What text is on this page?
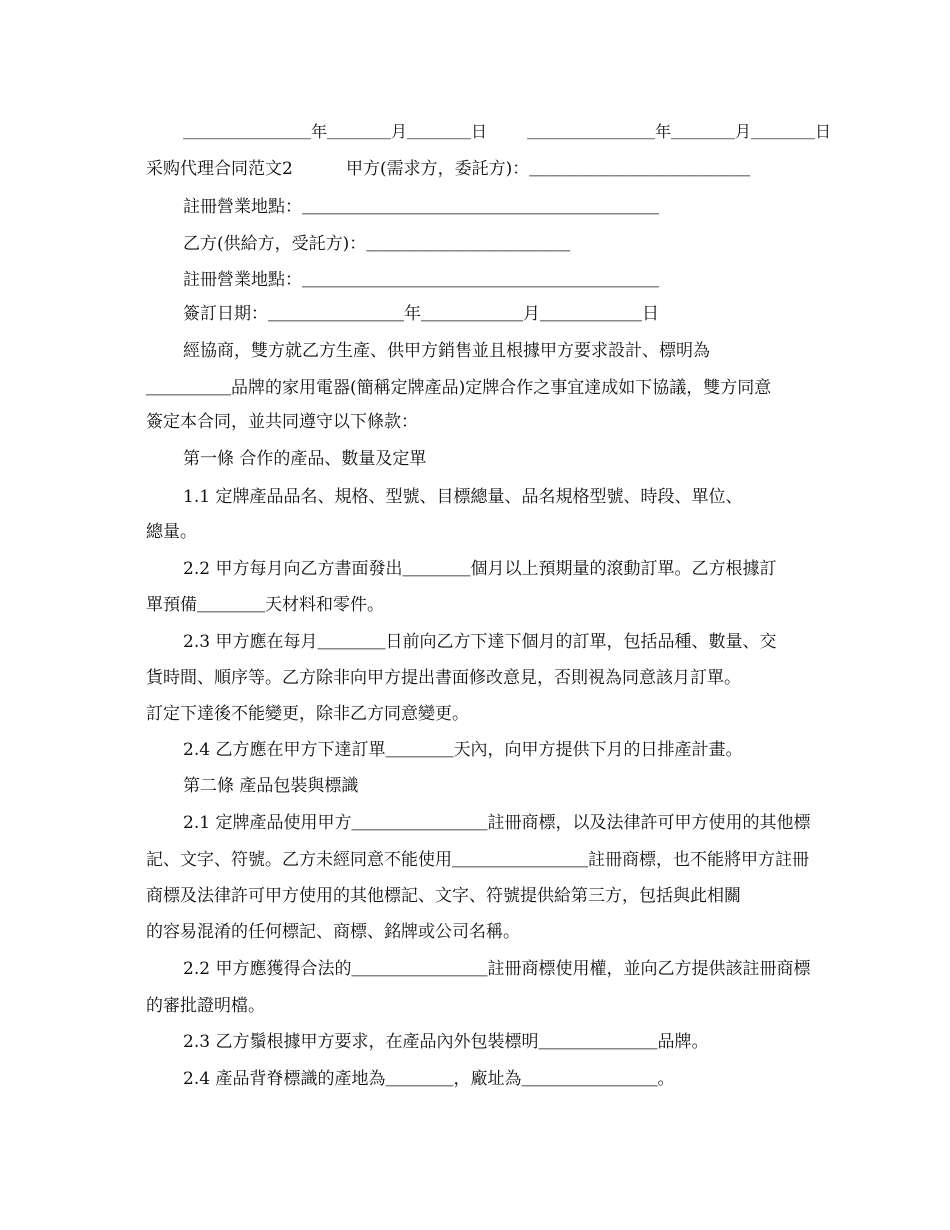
＿＿＿＿＿＿＿＿年＿＿＿＿月＿＿＿＿日 ＿＿＿＿＿＿＿＿年＿＿＿＿月＿＿＿＿日
采购代理合同范文2	甲方(需求方，委託方)：＿＿＿＿＿＿＿＿＿＿＿＿＿
註冊營業地點：＿＿＿＿＿＿＿＿＿＿＿＿＿＿＿＿＿＿＿＿＿
乙方(供給方，受託方)：＿＿＿＿＿＿＿＿＿＿＿＿
註冊營業地點：＿＿＿＿＿＿＿＿＿＿＿＿＿＿＿＿＿＿＿＿＿
簽訂日期：＿＿＿＿＿＿＿＿年＿＿＿＿＿＿月＿＿＿＿＿＿日
經協商，雙方就乙方生產、供甲方銷售並且根據甲方要求設計、標明為
＿＿＿＿＿品牌的家用電器(簡稱定牌產品)定牌合作之事宜達成如下協議，雙方同意
簽定本合同，並共同遵守以下條款：
第一條 合作的產品、數量及定單
1.1 定牌產品品名、規格、型號、目標總量、品名規格型號、時段、單位、
總量。
2.2 甲方每月向乙方書面發出＿＿＿＿個月以上預期量的滾動訂單。乙方根據訂
單預備＿＿＿＿天材料和零件。
2.3 甲方應在每月＿＿＿＿日前向乙方下達下個月的訂單，包括品種、數量、交
貨時間、順序等。乙方除非向甲方提出書面修改意見，否則視為同意該月訂單。
訂定下達後不能變更，除非乙方同意變更。
2.4 乙方應在甲方下達訂單＿＿＿＿天內，向甲方提供下月的日排產計畫。
第二條 產品包裝與標識
2.1 定牌產品使用甲方＿＿＿＿＿＿＿＿註冊商標，以及法律許可甲方使用的其他標
記、文字、符號。乙方未經同意不能使用＿＿＿＿＿＿＿＿註冊商標，也不能將甲方註冊
商標及法律許可甲方使用的其他標記、文字、符號提供給第三方，包括與此相關
的容易混淆的任何標記、商標、銘牌或公司名稱。
2.2 甲方應獲得合法的＿＿＿＿＿＿＿＿註冊商標使用權，並向乙方提供該註冊商標
的審批證明檔。
2.3 乙方鬚根據甲方要求，在產品內外包裝標明＿＿＿＿＿＿＿品牌。
2.4 產品背脊標識的產地為＿＿＿＿，廠址為＿＿＿＿＿＿＿＿。
